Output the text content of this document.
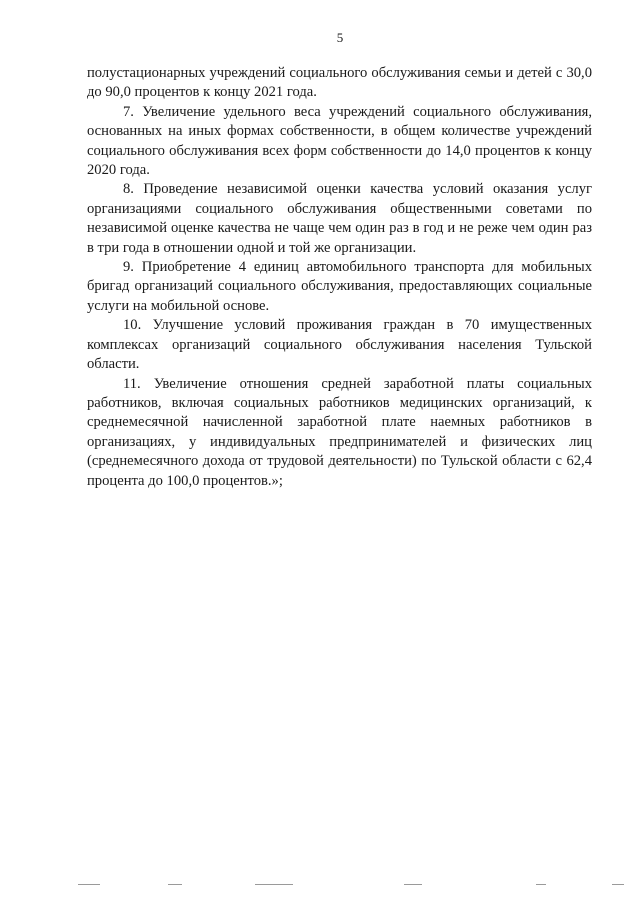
5

полустационарных учреждений социального обслуживания семьи и детей с 30,0 до 90,0 процентов к концу 2021 года.

7. Увеличение удельного веса учреждений социального обслуживания, основанных на иных формах собственности, в общем количестве учреждений социального обслуживания всех форм собственности до 14,0 процентов к концу 2020 года.

8. Проведение независимой оценки качества условий оказания услуг организациями социального обслуживания общественными советами по независимой оценке качества не чаще чем один раз в год и не реже чем один раз в три года в отношении одной и той же организации.

9. Приобретение 4 единиц автомобильного транспорта для мобильных бригад организаций социального обслуживания, предоставляющих социальные услуги на мобильной основе.

10. Улучшение условий проживания граждан в 70 имущественных комплексах организаций социального обслуживания населения Тульской области.

11. Увеличение отношения средней заработной платы социальных работников, включая социальных работников медицинских организаций, к среднемесячной начисленной заработной плате наемных работников в организациях, у индивидуальных предпринимателей и физических лиц (среднемесячного дохода от трудовой деятельности) по Тульской области с 62,4 процента до 100,0 процентов.»;
